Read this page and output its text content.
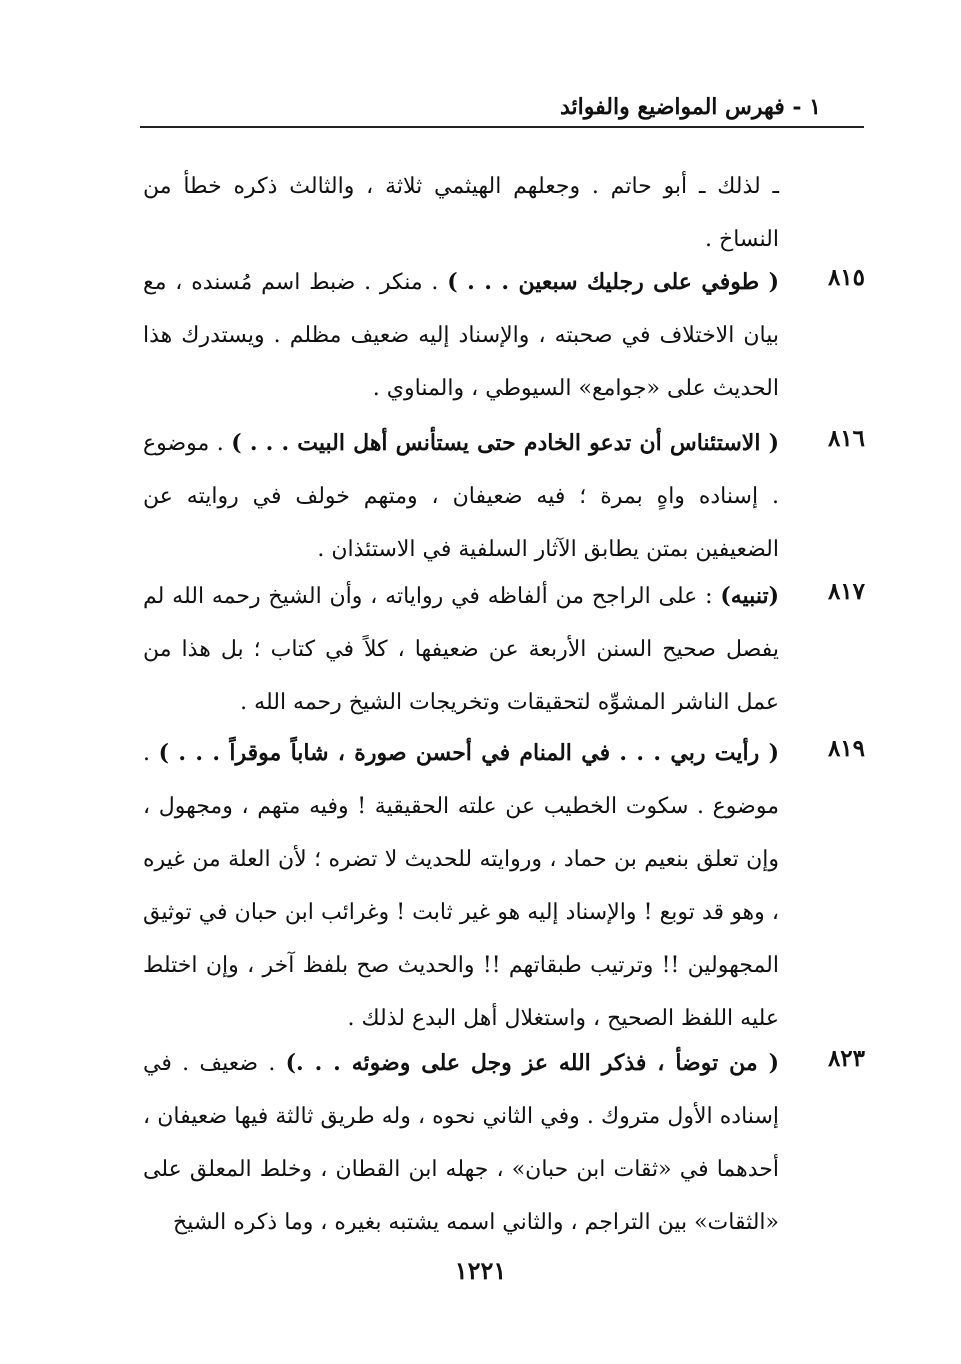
١ - فهرس المواضيع والفوائد
ـ لذلك ـ أبو حاتم . وجعلهم الهيثمي ثلاثة ، والثالث ذكره خطأ من النساخ .
٨١٥
( طوفي على رجليك سبعين . . . ) . منكر . ضبط اسم مُسنده ، مع بيان الاختلاف في صحبته ، والإسناد إليه ضعيف مظلم . ويستدرك هذا الحديث على «جوامع» السيوطي ، والمناوي .
٨١٦
( الاستئناس أن تدعو الخادم حتى يستأنس أهل البيت . . . ) . موضوع . إسناده واهٍ بمرة ؛ فيه ضعيفان ، ومتهم خولف في روايته عن الضعيفين بمتن يطابق الآثار السلفية في الاستئذان .
٨١٧
(تنبيه) : على الراجح من ألفاظه في رواياته ، وأن الشيخ رحمه الله لم يفصل صحيح السنن الأربعة عن ضعيفها ، كلاً في كتاب ؛ بل هذا من عمل الناشر المشوِّه لتحقيقات وتخريجات الشيخ رحمه الله .
٨١٩
( رأيت ربي . . . في المنام في أحسن صورة ، شاباً موقراً . . . ) . موضوع . سكوت الخطيب عن علته الحقيقية ! وفيه متهم ، ومجهول ، وإن تعلق بنعيم بن حماد ، وروايته للحديث لا تضره ؛ لأن العلة من غيره ، وهو قد توبع ! والإسناد إليه هو غير ثابت ! وغرائب ابن حبان في توثيق المجهولين !! وترتيب طبقاتهم !! والحديث صح بلفظ آخر ، وإن اختلط عليه اللفظ الصحيح ، واستغلال أهل البدع لذلك .
٨٢٣
( من توضأ ، فذكر الله عز وجل على وضوئه . . .) . ضعيف . في إسناده الأول متروك . وفي الثاني نحوه ، وله طريق ثالثة فيها ضعيفان ، أحدهما في «ثقات ابن حبان» ، جهله ابن القطان ، وخلط المعلق على «الثقات» بين التراجم ، والثاني اسمه يشتبه بغيره ، وما ذكره الشيخ
١٢٢١
